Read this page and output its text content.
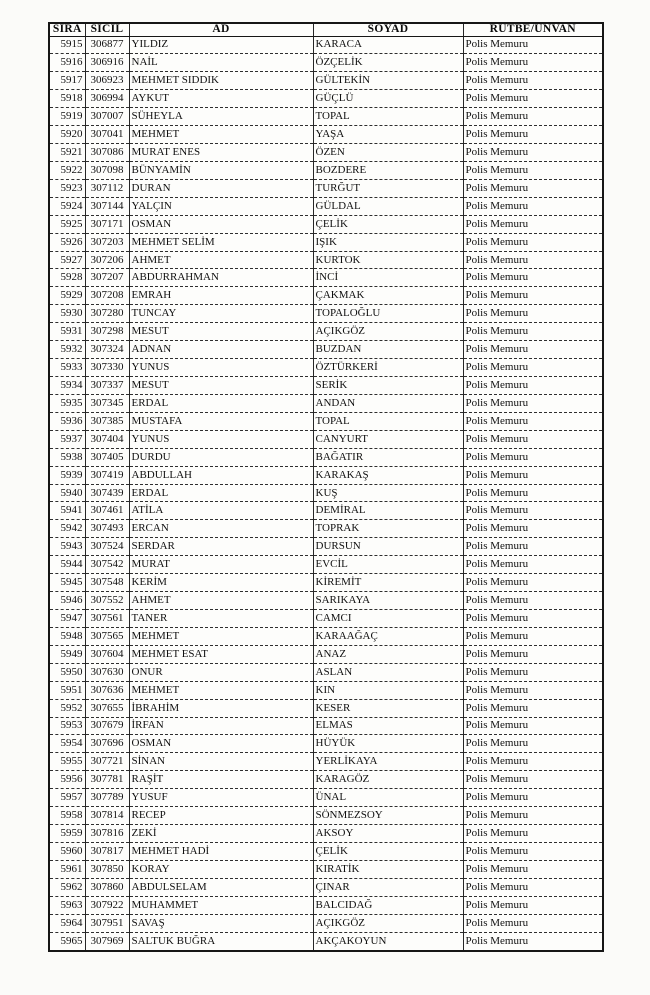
SIRA	SİCİL	AD	SOYAD	RÜTBE/UNVAN
5915	306877	YILDIZ	KARACA	Polis Memuru
5916	306916	NAİL	ÖZÇELİK	Polis Memuru
5917	306923	MEHMET SIDDIK	GÜLTEKİN	Polis Memuru
5918	306994	AYKUT	GÜÇLÜ	Polis Memuru
5919	307007	SÜHEYLA	TOPAL	Polis Memuru
5920	307041	MEHMET	YAŞA	Polis Memuru
5921	307086	MURAT ENES	ÖZEN	Polis Memuru
5922	307098	BÜNYAMİN	BOZDERE	Polis Memuru
5923	307112	DURAN	TURĞUT	Polis Memuru
5924	307144	YALÇIN	GÜLDAL	Polis Memuru
5925	307171	OSMAN	ÇELİK	Polis Memuru
5926	307203	MEHMET SELİM	IŞIK	Polis Memuru
5927	307206	AHMET	KURTOK	Polis Memuru
5928	307207	ABDURRAHMAN	İNCİ	Polis Memuru
5929	307208	EMRAH	ÇAKMAK	Polis Memuru
5930	307280	TUNCAY	TOPALOĞLU	Polis Memuru
5931	307298	MESUT	AÇIKGÖZ	Polis Memuru
5932	307324	ADNAN	BUZDAN	Polis Memuru
5933	307330	YUNUS	ÖZTÜRKERİ	Polis Memuru
5934	307337	MESUT	SERİK	Polis Memuru
5935	307345	ERDAL	ANDAN	Polis Memuru
5936	307385	MUSTAFA	TOPAL	Polis Memuru
5937	307404	YUNUS	CANYURT	Polis Memuru
5938	307405	DURDU	BAĞATIR	Polis Memuru
5939	307419	ABDULLAH	KARAKAŞ	Polis Memuru
5940	307439	ERDAL	KUŞ	Polis Memuru
5941	307461	ATİLA	DEMİRAL	Polis Memuru
5942	307493	ERCAN	TOPRAK	Polis Memuru
5943	307524	SERDAR	DURSUN	Polis Memuru
5944	307542	MURAT	EVCİL	Polis Memuru
5945	307548	KERİM	KİREMİT	Polis Memuru
5946	307552	AHMET	SARIKAYA	Polis Memuru
5947	307561	TANER	CAMCI	Polis Memuru
5948	307565	MEHMET	KARAAĞAÇ	Polis Memuru
5949	307604	MEHMET ESAT	ANAZ	Polis Memuru
5950	307630	ONUR	ASLAN	Polis Memuru
5951	307636	MEHMET	KIN	Polis Memuru
5952	307655	İBRAHİM	KESER	Polis Memuru
5953	307679	İRFAN	ELMAS	Polis Memuru
5954	307696	OSMAN	HÜYÜK	Polis Memuru
5955	307721	SİNAN	YERLİKAYA	Polis Memuru
5956	307781	RAŞİT	KARAGÖZ	Polis Memuru
5957	307789	YUSUF	ÜNAL	Polis Memuru
5958	307814	RECEP	SÖNMEZSOY	Polis Memuru
5959	307816	ZEKİ	AKSOY	Polis Memuru
5960	307817	MEHMET HADİ	ÇELİK	Polis Memuru
5961	307850	KORAY	KIRATİK	Polis Memuru
5962	307860	ABDULSELAM	ÇINAR	Polis Memuru
5963	307922	MUHAMMET	BALCIDAĞ	Polis Memuru
5964	307951	SAVAŞ	AÇIKGÖZ	Polis Memuru
5965	307969	SALTUK BUĞRA	AKÇAKOYUN	Polis Memuru
